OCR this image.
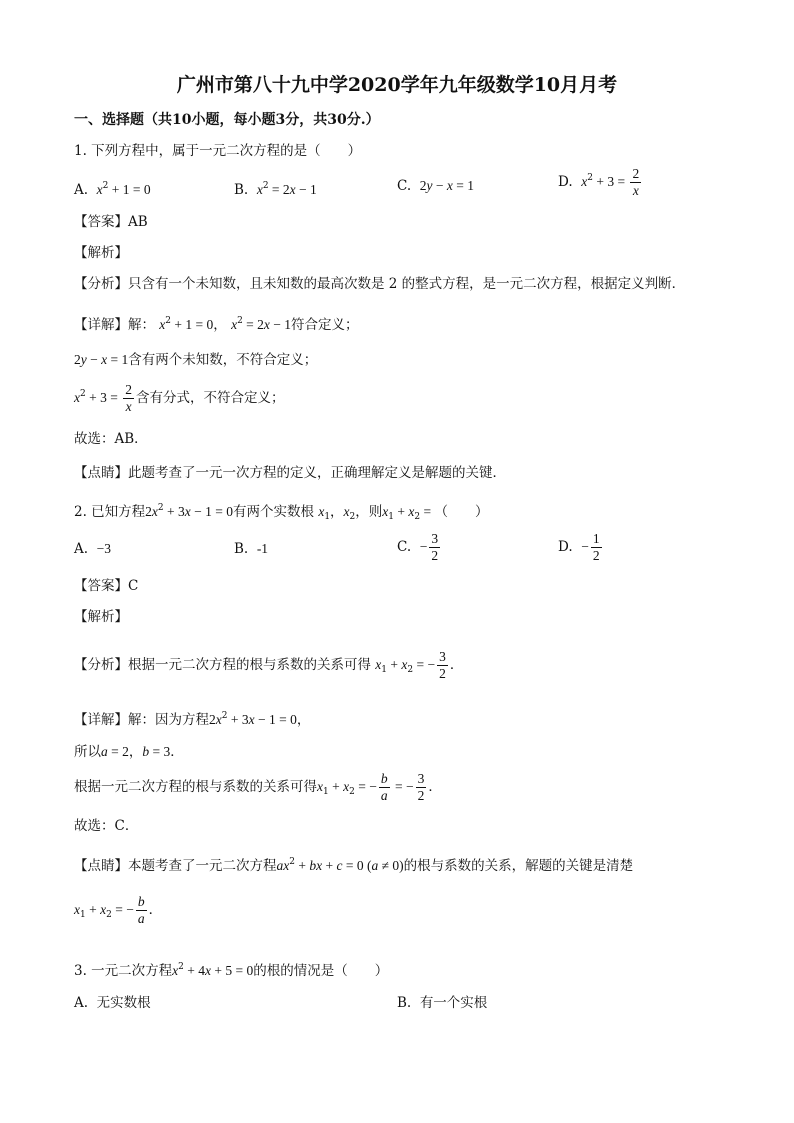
广州市第八十九中学2020学年九年级数学10月月考
一、选择题（共10小题，每小题3分，共30分.）
1. 下列方程中，属于一元二次方程的是（　　）
A. $x^2 + 1 = 0$	B. $x^2 = 2x - 1$	C. 2y − x = 1	D. $x^2 + 3 = \frac{2}{x}$
【答案】AB
【解析】
【分析】只含有一个未知数，且未知数的最高次数是 2 的整式方程，是一元二次方程，根据定义判断．
【详解】解： $x^2 + 1 = 0$， $x^2 = 2x - 1$符合定义；
2y − x = 1含有两个未知数，不符合定义；
$x^2 + 3 = \frac{2}{x}$ 含有分式，不符合定义；
故选：AB．
【点睛】此题考查了一元一次方程的定义，正确理解定义是解题的关键．
2. 已知方程$2x^2 + 3x - 1 = 0$有两个实数根 $x_1$，$x_2$，则$x_1 + x_2$ = （　　）
A. −3	B. -1	C. − $\frac{3}{2}$	D. − $\frac{1}{2}$
【答案】C
【解析】
【分析】根据一元二次方程的根与系数的关系可得 $x_1 + x_2$ = − $\frac{3}{2}$ ．
【详解】解：因为方程$2x^2 + 3x - 1 = 0$，
所以a = 2，b = 3．
根据一元二次方程的根与系数的关系可得$x_1 + x_2$ = − $\frac{b}{a}$ = − $\frac{3}{2}$ ．
故选：C．
【点睛】本题考查了一元二次方程$ax^2$ + bx + c = 0 (a ≠ 0)的根与系数的关系，解题的关键是清楚
$x_1 + x_2$ = − $\frac{b}{a}$ ．
3. 一元二次方程$x^2 + 4x + 5 = 0$的根的情况是（　　）
A. 无实数根	B. 有一个实根
